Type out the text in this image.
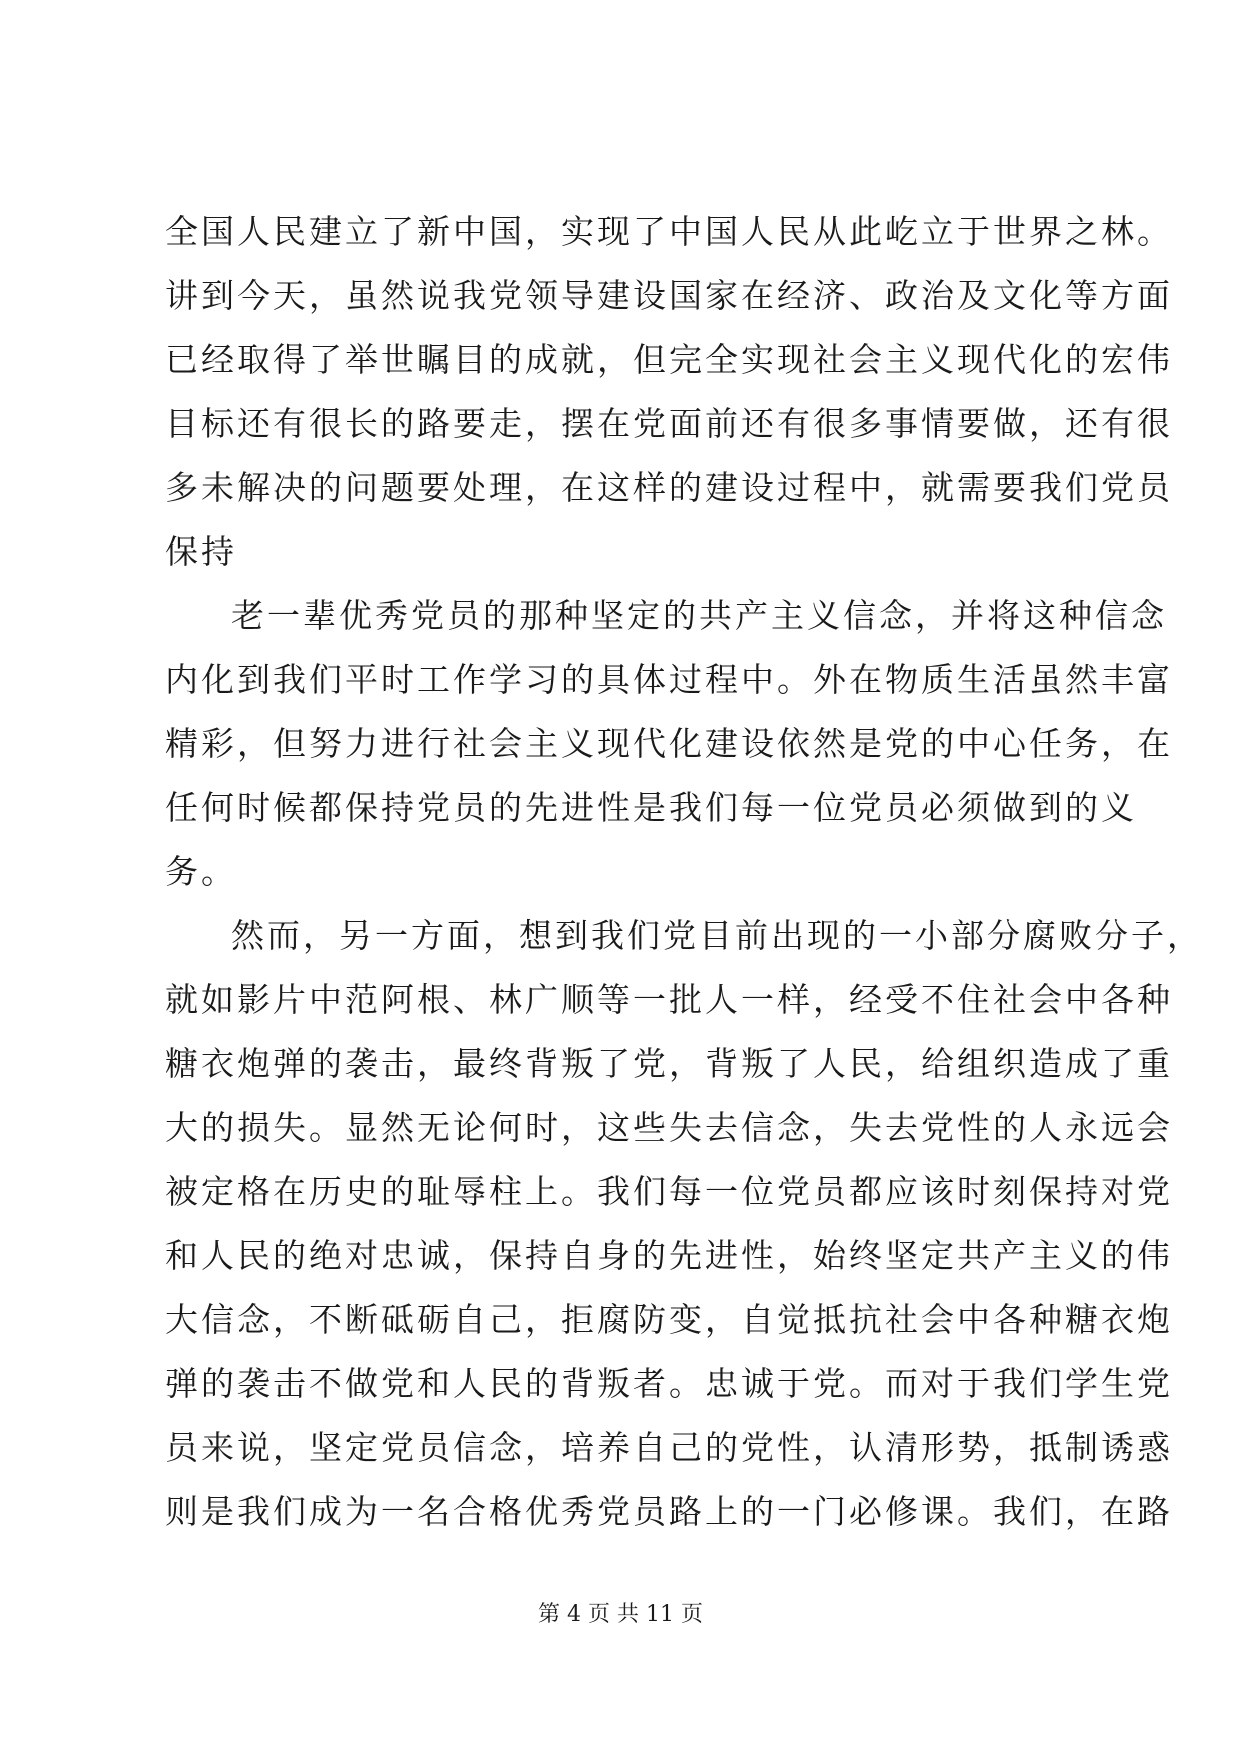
全国人民建立了新中国，实现了中国人民从此屹立于世界之林。
讲到今天，虽然说我党领导建设国家在经济、政治及文化等方面
已经取得了举世瞩目的成就，但完全实现社会主义现代化的宏伟
目标还有很长的路要走，摆在党面前还有很多事情要做，还有很
多未解决的问题要处理，在这样的建设过程中，就需要我们党员
保持
老一辈优秀党员的那种坚定的共产主义信念，并将这种信念
内化到我们平时工作学习的具体过程中。外在物质生活虽然丰富
精彩，但努力进行社会主义现代化建设依然是党的中心任务，在
任何时候都保持党员的先进性是我们每一位党员必须做到的义
务。
然而，另一方面，想到我们党目前出现的一小部分腐败分子，
就如影片中范阿根、林广顺等一批人一样，经受不住社会中各种
糖衣炮弹的袭击，最终背叛了党，背叛了人民，给组织造成了重
大的损失。显然无论何时，这些失去信念，失去党性的人永远会
被定格在历史的耻辱柱上。我们每一位党员都应该时刻保持对党
和人民的绝对忠诚，保持自身的先进性，始终坚定共产主义的伟
大信念，不断砥砺自己，拒腐防变，自觉抵抗社会中各种糖衣炮
弹的袭击不做党和人民的背叛者。忠诚于党。而对于我们学生党
员来说，坚定党员信念，培养自己的党性，认清形势，抵制诱惑
则是我们成为一名合格优秀党员路上的一门必修课。我们，在路
第 4 页 共 11 页
